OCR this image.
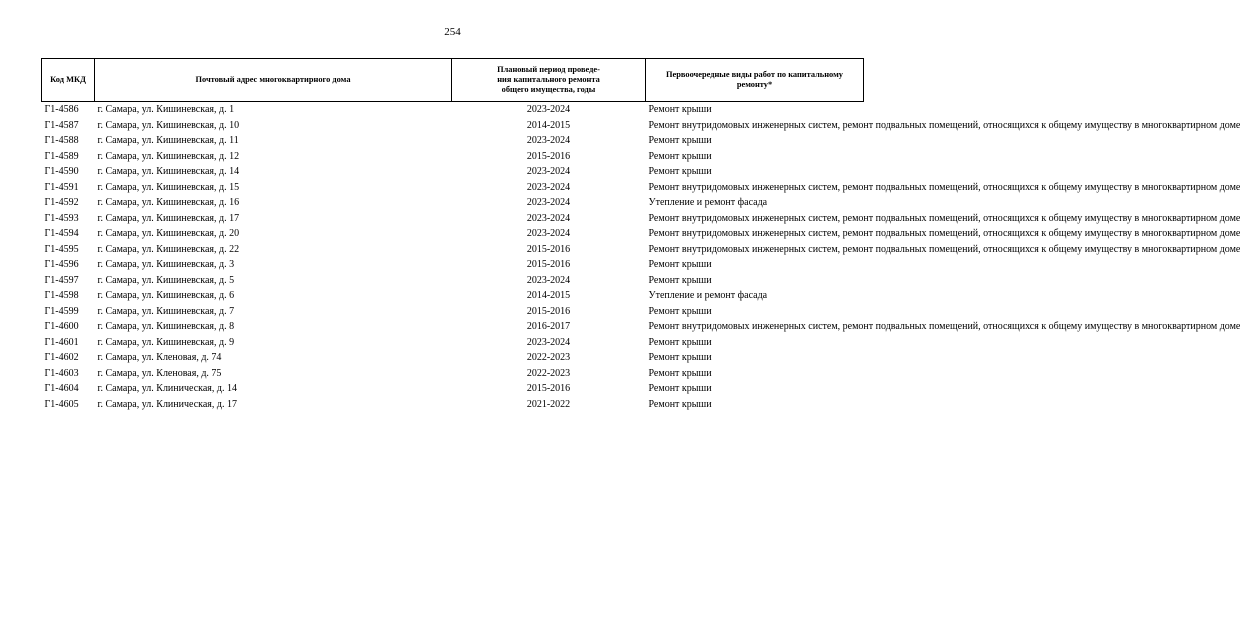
254
Код МКД	Почтовый адрес многоквартирного дома	Плановый период проведе-
ния капитального ремонта
общего имущества, годы	Первоочередные виды работ по капитальному ремонту*
Г1-4586	г. Самара, ул. Кишиневская, д. 1	2023-2024	Ремонт крыши
Г1-4587	г. Самара, ул. Кишиневская, д. 10	2014-2015	Ремонт внутридомовых инженерных систем, ремонт подвальных помещений, относящихся к общему имуществу в многоквартирном доме
Г1-4588	г. Самара, ул. Кишиневская, д. 11	2023-2024	Ремонт крыши
Г1-4589	г. Самара, ул. Кишиневская, д. 12	2015-2016	Ремонт крыши
Г1-4590	г. Самара, ул. Кишиневская, д. 14	2023-2024	Ремонт крыши
Г1-4591	г. Самара, ул. Кишиневская, д. 15	2023-2024	Ремонт внутридомовых инженерных систем, ремонт подвальных помещений, относящихся к общему имуществу в многоквартирном доме
Г1-4592	г. Самара, ул. Кишиневская, д. 16	2023-2024	Утепление и ремонт фасада
Г1-4593	г. Самара, ул. Кишиневская, д. 17	2023-2024	Ремонт внутридомовых инженерных систем, ремонт подвальных помещений, относящихся к общему имуществу в многоквартирном доме
Г1-4594	г. Самара, ул. Кишиневская, д. 20	2023-2024	Ремонт внутридомовых инженерных систем, ремонт подвальных помещений, относящихся к общему имуществу в многоквартирном доме
Г1-4595	г. Самара, ул. Кишиневская, д. 22	2015-2016	Ремонт внутридомовых инженерных систем, ремонт подвальных помещений, относящихся к общему имуществу в многоквартирном доме
Г1-4596	г. Самара, ул. Кишиневская, д. 3	2015-2016	Ремонт крыши
Г1-4597	г. Самара, ул. Кишиневская, д. 5	2023-2024	Ремонт крыши
Г1-4598	г. Самара, ул. Кишиневская, д. 6	2014-2015	Утепление и ремонт фасада
Г1-4599	г. Самара, ул. Кишиневская, д. 7	2015-2016	Ремонт крыши
Г1-4600	г. Самара, ул. Кишиневская, д. 8	2016-2017	Ремонт внутридомовых инженерных систем, ремонт подвальных помещений, относящихся к общему имуществу в многоквартирном доме
Г1-4601	г. Самара, ул. Кишиневская, д. 9	2023-2024	Ремонт крыши
Г1-4602	г. Самара, ул. Кленовая, д. 74	2022-2023	Ремонт крыши
Г1-4603	г. Самара, ул. Кленовая, д. 75	2022-2023	Ремонт крыши
Г1-4604	г. Самара, ул. Клиническая, д. 14	2015-2016	Ремонт крыши
Г1-4605	г. Самара, ул. Клиническая, д. 17	2021-2022	Ремонт крыши
